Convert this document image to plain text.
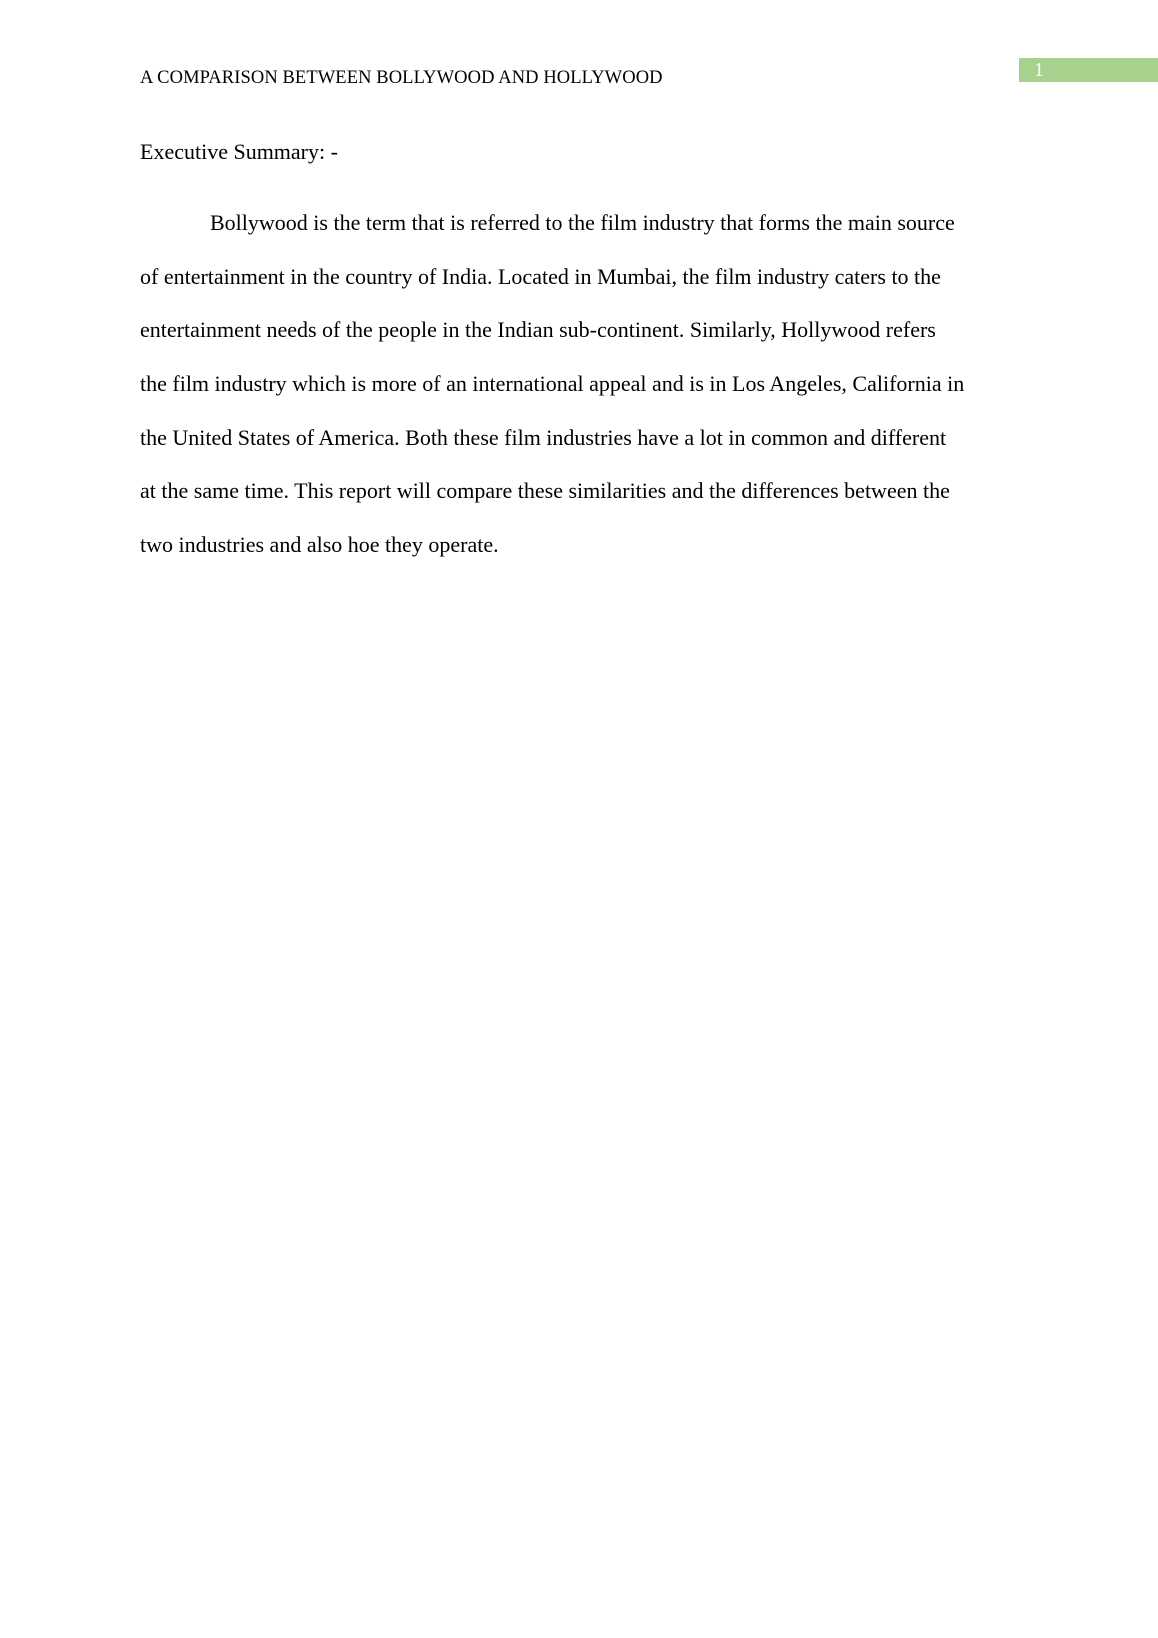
A COMPARISON BETWEEN BOLLYWOOD AND HOLLYWOOD	1
Executive Summary: -
Bollywood is the term that is referred to the film industry that forms the main source
of entertainment in the country of India. Located in Mumbai, the film industry caters to the
entertainment needs of the people in the Indian sub-continent. Similarly, Hollywood refers
the film industry which is more of an international appeal and is in Los Angeles, California in
the United States of America. Both these film industries have a lot in common and different
at the same time. This report will compare these similarities and the differences between the
two industries and also hoe they operate.
